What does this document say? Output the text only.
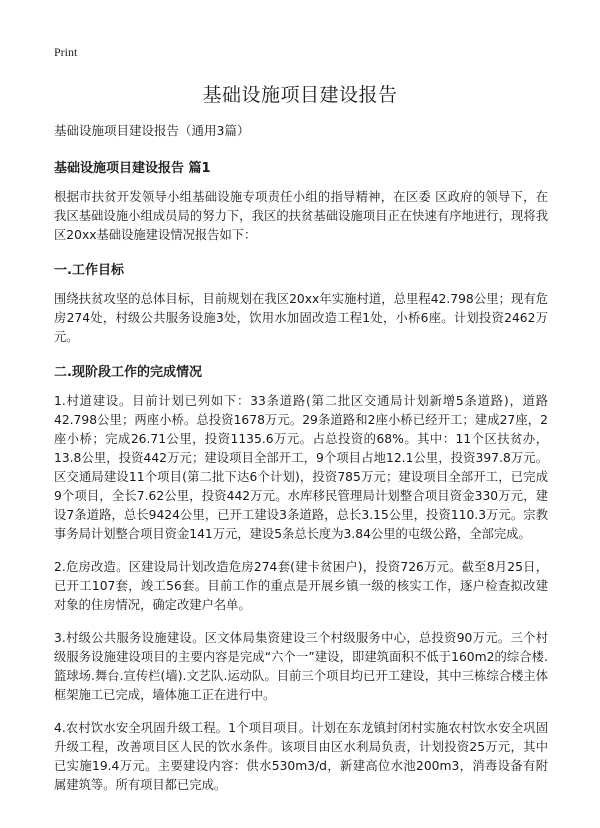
Print
基础设施项目建设报告

基础设施项目建设报告（通用3篇）

基础设施项目建设报告 篇1

根据市扶贫开发领导小组基础设施专项责任小组的指导精神，在区委 区政府的领导下，在我区基础设施小组成员局的努力下，我区的扶贫基础设施项目正在快速有序地进行，现将我区20xx基础设施建设情况报告如下：

一.工作目标

围绕扶贫攻坚的总体目标，目前规划在我区20xx年实施村道，总里程42.798公里；现有危房274处，村级公共服务设施3处，饮用水加固改造工程1处，小桥6座。计划投资2462万元。

二.现阶段工作的完成情况

1.村道建设。目前计划已列如下：33条道路(第二批区交通局计划新增5条道路)，道路42.798公里；两座小桥。总投资1678万元。29条道路和2座小桥已经开工；建成27座，2座小桥；完成26.71公里，投资1135.6万元。占总投资的68%。其中：11个区扶贫办，13.8公里，投资442万元；建设项目全部开工，9个项目占地12.1公里，投资397.8万元。区交通局建设11个项目(第二批下达6个计划)，投资785万元；建设项目全部开工，已完成9个项目，全长7.62公里，投资442万元。水库移民管理局计划整合项目资金330万元，建设7条道路，总长9424公里，已开工建设3条道路，总长3.15公里，投资110.3万元。宗教事务局计划整合项目资金141万元，建设5条总长度为3.84公里的屯级公路，全部完成。

2.危房改造。区建设局计划改造危房274套(建卡贫困户)，投资726万元。截至8月25日，已开工107套，竣工56套。目前工作的重点是开展乡镇一级的核实工作，逐户检查拟改建对象的住房情况，确定改建户名单。

3.村级公共服务设施建设。区文体局集资建设三个村级服务中心，总投资90万元。三个村级服务设施建设项目的主要内容是完成“六个一”建设，即建筑面积不低于160m2的综合楼.篮球场.舞台.宣传栏(墙).文艺队.运动队。目前三个项目均已开工建设，其中三栋综合楼主体框架施工已完成，墙体施工正在进行中。

4.农村饮水安全巩固升级工程。1个项目项目。计划在东龙镇封闭村实施农村饮水安全巩固升级工程，改善项目区人民的饮水条件。该项目由区水利局负责，计划投资25万元，其中已实施19.4万元。主要建设内容：供水530m3/d，新建高位水池200m3，消毒设备有附属建筑等。所有项目都已完成。
